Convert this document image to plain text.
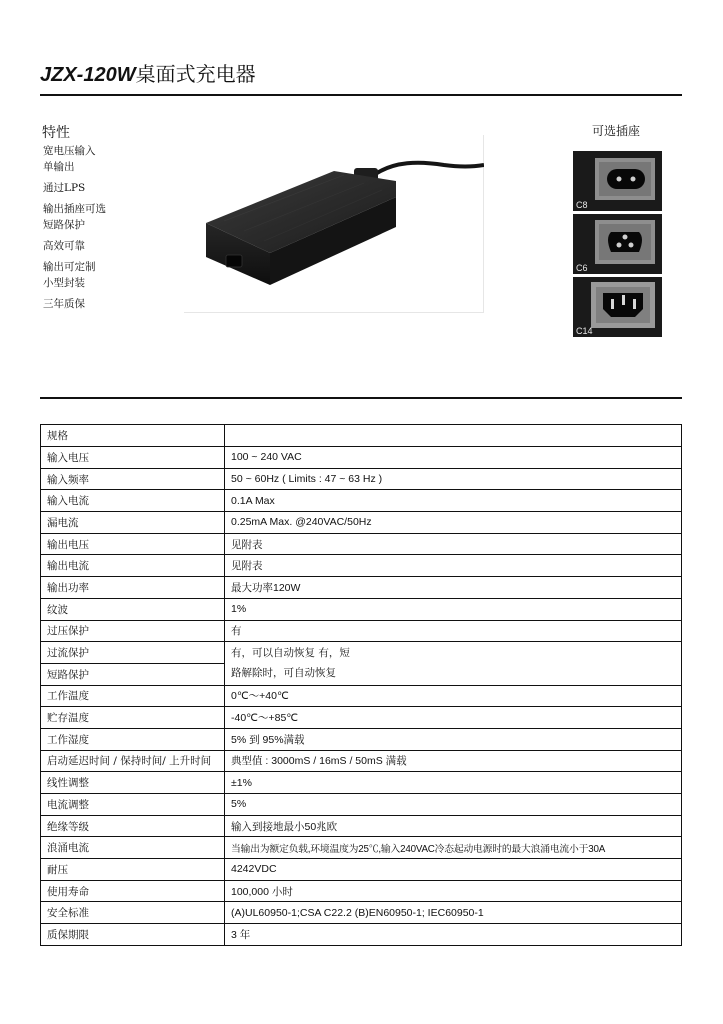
JZX-120W桌面式充电器
特性
宽电压输入
单输出
通过LPS
输出插座可选
短路保护
高效可靠
输出可定制
小型封装
三年质保
可选插座
C8
C6
C14
规格	
输入电压	100 ~ 240 VAC
输入频率	50 ~ 60Hz ( Limits : 47 ~ 63 Hz )
输入电流	0.1A Max
漏电流	0.25mA Max. @240VAC/50Hz
输出电压	见附表
输出电流	见附表
输出功率	最大功率120W
纹波	1%
过压保护	有
过流保护	有，可以自动恢复 有，短
路解除时，可自动恢复

短路保护	
工作温度	0℃～+40℃
贮存温度	-40℃～+85℃
工作湿度	5% 到 95%满载
启动延迟时间 / 保持时间/ 上升时间	典型值 : 3000mS / 16mS / 50mS 满载
线性调整	±1%
电流调整	5%
绝缘等级	输入到接地最小50兆欧
浪涌电流	当输出为额定负载,环境温度为25℃,输入240VAC冷态起动电源时的最大浪涌电流小于30A
耐压	4242VDC
使用寿命	100,000 小时
安全标准	(A)UL60950-1;CSA C22.2 (B)EN60950-1; IEC60950-1
质保期限	3 年
